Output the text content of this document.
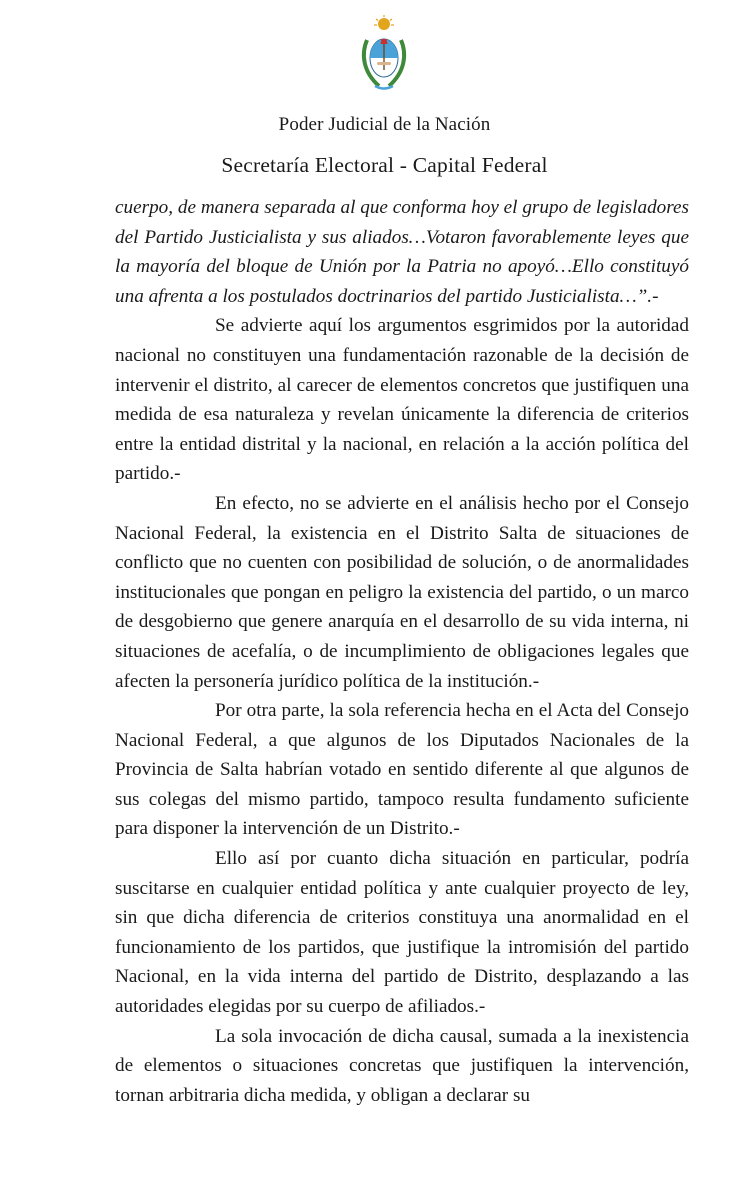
Poder Judicial de la Nación
Secretaría Electoral - Capital Federal

cuerpo, de manera separada al que conforma hoy el grupo de legisladores del Partido Justicialista y sus aliados…Votaron favorablemente leyes que la mayoría del bloque de Unión por la Patria no apoyó…Ello constituyó una afrenta a los postulados doctrinarios del partido Justicialista…”.-

Se advierte aquí los argumentos esgrimidos por la autoridad nacional no constituyen una fundamentación razonable de la decisión de intervenir el distrito, al carecer de elementos concretos que justifiquen una medida de esa naturaleza y revelan únicamente la diferencia de criterios entre la entidad distrital y la nacional, en relación a la acción política del partido.-

En efecto, no se advierte en el análisis hecho por el Consejo Nacional Federal, la existencia en el Distrito Salta de situaciones de conflicto que no cuenten con posibilidad de solución, o de anormalidades institucionales que pongan en peligro la existencia del partido, o un marco de desgobierno que genere anarquía en el desarrollo de su vida interna, ni situaciones de acefalía, o de incumplimiento de obligaciones legales que afecten la personería jurídico política de la institución.-

Por otra parte, la sola referencia hecha en el Acta del Consejo Nacional Federal, a que algunos de los Diputados Nacionales de la Provincia de Salta habrían votado en sentido diferente al que algunos de sus colegas del mismo partido, tampoco resulta fundamento suficiente para disponer la intervención de un Distrito.-

Ello así por cuanto dicha situación en particular, podría suscitarse en cualquier entidad política y ante cualquier proyecto de ley, sin que dicha diferencia de criterios constituya una anormalidad en el funcionamiento de los partidos, que justifique la intromisión del partido Nacional, en la vida interna del partido de Distrito, desplazando a las autoridades elegidas por su cuerpo de afiliados.-

La sola invocación de dicha causal, sumada a la inexistencia de elementos o situaciones concretas que justifiquen la intervención, tornan arbitraria dicha medida, y obligan a declarar su
